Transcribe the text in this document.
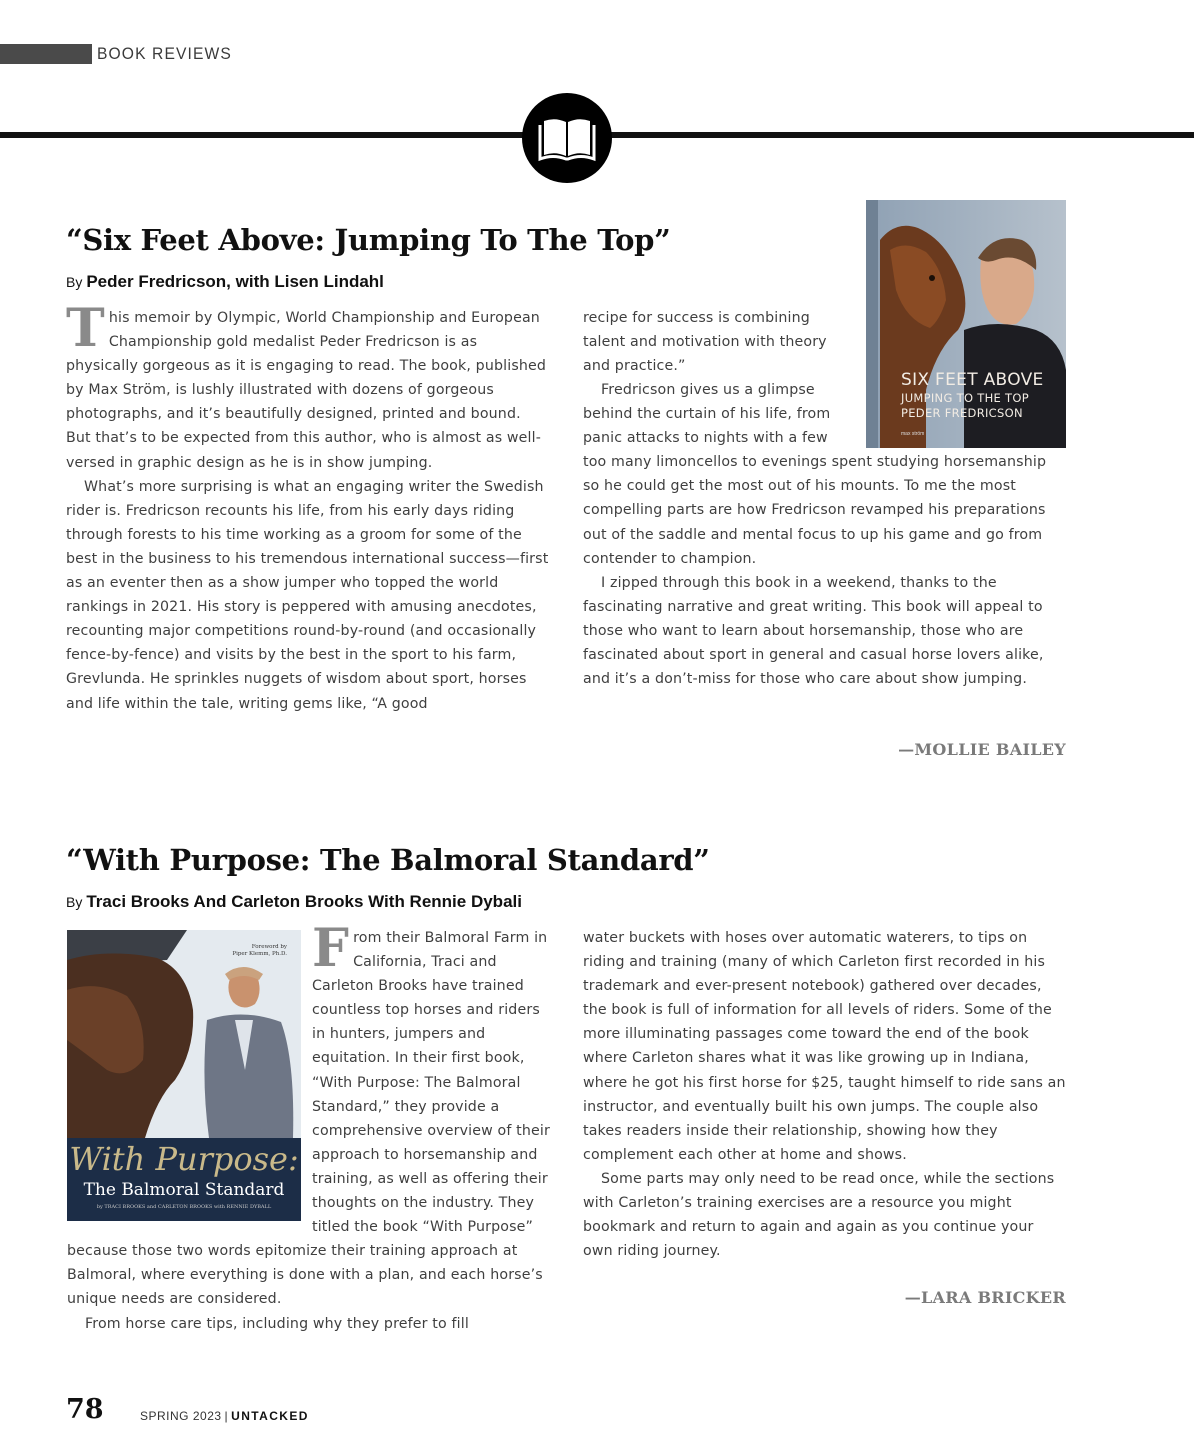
BOOK REVIEWS
“Six Feet Above: Jumping To The Top”
By Peder Fredricson, with Lisen Lindahl

This memoir by Olympic, World Championship and European Championship gold medalist Peder Fredricson is as physically gorgeous as it is engaging to read. The book, published by Max Ström, is lushly illustrated with dozens of gorgeous photographs, and it’s beautifully designed, printed and bound. But that’s to be expected from this author, who is almost as well-versed in graphic design as he is in show jumping.

What’s more surprising is what an engaging writer the Swedish rider is. Fredricson recounts his life, from his early days riding through forests to his time working as a groom for some of the best in the business to his tremendous international success—first as an eventer then as a show jumper who topped the world rankings in 2021. His story is peppered with amusing anecdotes, recounting major competitions round-by-round (and occasionally fence-by-fence) and visits by the best in the sport to his farm, Grevlunda. He sprinkles nuggets of wisdom about sport, horses and life within the tale, writing gems like, “A good

SIX FEET ABOVE
JUMPING TO THE TOP
PEDER FREDRICSON
max ström

recipe for success is combining talent and motivation with theory and practice.”

Fredricson gives us a glimpse behind the curtain of his life, from panic attacks to nights with a few too many limoncellos to evenings spent studying horsemanship so he could get the most out of his mounts. To me the most compelling parts are how Fredricson revamped his preparations out of the saddle and mental focus to up his game and go from contender to champion.

I zipped through this book in a weekend, thanks to the fascinating narrative and great writing. This book will appeal to those who want to learn about horsemanship, those who are fascinated about sport in general and casual horse lovers alike, and it’s a don’t-miss for those who care about show jumping.

—MOLLIE BAILEY
“With Purpose: The Balmoral Standard”
By Traci Brooks And Carleton Brooks With Rennie Dybali
Foreword by
Piper Klemm, Ph.D.
With Purpose:
The Balmoral Standard
by TRACI BROOKS and CARLETON BROOKS with RENNIE DYBALL

From their Balmoral Farm in California, Traci and Carleton Brooks have trained countless top horses and riders in hunters, jumpers and equitation. In their first book, “With Purpose: The Balmoral Standard,” they provide a comprehensive overview of their approach to horsemanship and training, as well as offering their thoughts on the industry. They titled the book “With Purpose” because those two words epitomize their training approach at Balmoral, where everything is done with a plan, and each horse’s unique needs are considered.

From horse care tips, including why they prefer to fill

water buckets with hoses over automatic waterers, to tips on riding and training (many of which Carleton first recorded in his trademark and ever-present notebook) gathered over decades, the book is full of information for all levels of riders. Some of the more illuminating passages come toward the end of the book where Carleton shares what it was like growing up in Indiana, where he got his first horse for $25, taught himself to ride sans an instructor, and eventually built his own jumps. The couple also takes readers inside their relationship, showing how they complement each other at home and shows.

Some parts may only need to be read once, while the sections with Carleton’s training exercises are a resource you might bookmark and return to again and again as you continue your own riding journey.

—LARA BRICKER
78	SPRING 2023 | UNTACKED
